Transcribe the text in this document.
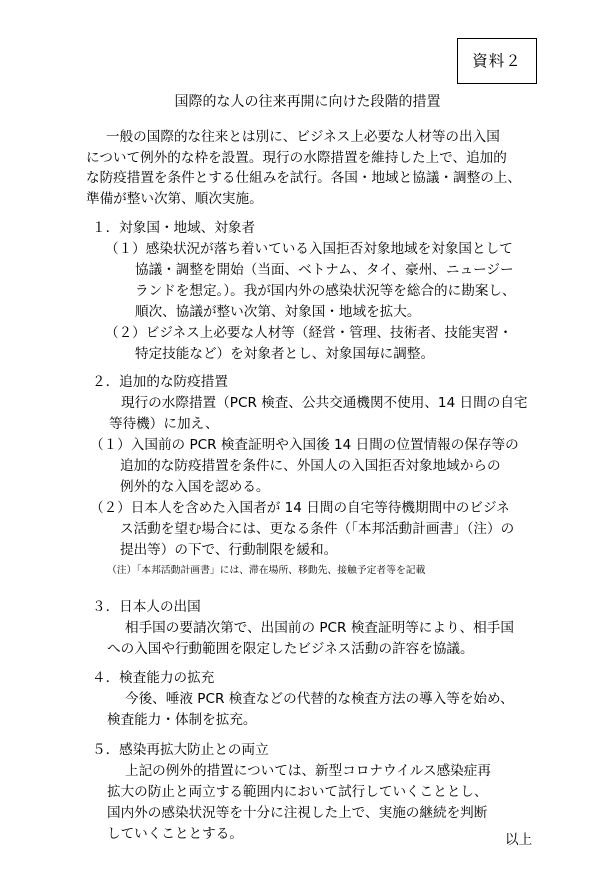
資料２
国際的な人の往来再開に向けた段階的措置
一般の国際的な往来とは別に、ビジネス上必要な人材等の出入国
について例外的な枠を設置。現行の水際措置を維持した上で、追加的
な防疫措置を条件とする仕組みを試行。各国・地域と協議・調整の上、
準備が整い次第、順次実施。
１．対象国・地域、対象者
（１）感染状況が落ち着いている入国拒否対象地域を対象国として
協議・調整を開始（当面、ベトナム、タイ、豪州、ニュージー
ランドを想定。）。我が国内外の感染状況等を総合的に勘案し、
順次、協議が整い次第、対象国・地域を拡大。
（２）ビジネス上必要な人材等（経営・管理、技術者、技能実習・
特定技能など）を対象者とし、対象国毎に調整。
２．追加的な防疫措置
現行の水際措置（PCR 検査、公共交通機関不使用、14 日間の自宅
等待機）に加え、
（１）入国前の PCR 検査証明や入国後 14 日間の位置情報の保存等の
追加的な防疫措置を条件に、外国人の入国拒否対象地域からの
例外的な入国を認める。
（２）日本人を含めた入国者が 14 日間の自宅等待機期間中のビジネ
ス活動を望む場合には、更なる条件（「本邦活動計画書」（注）の
提出等）の下で、行動制限を緩和。
（注）「本邦活動計画書」には、滞在場所、移動先、接触予定者等を記載
３．日本人の出国
相手国の要請次第で、出国前の PCR 検査証明等により、相手国
への入国や行動範囲を限定したビジネス活動の許容を協議。
４．検査能力の拡充
今後、唾液 PCR 検査などの代替的な検査方法の導入等を始め、
検査能力・体制を拡充。
５．感染再拡大防止との両立
上記の例外的措置については、新型コロナウイルス感染症再
拡大の防止と両立する範囲内において試行していくこととし、
国内外の感染状況等を十分に注視した上で、実施の継続を判断
していくこととする。	以上
